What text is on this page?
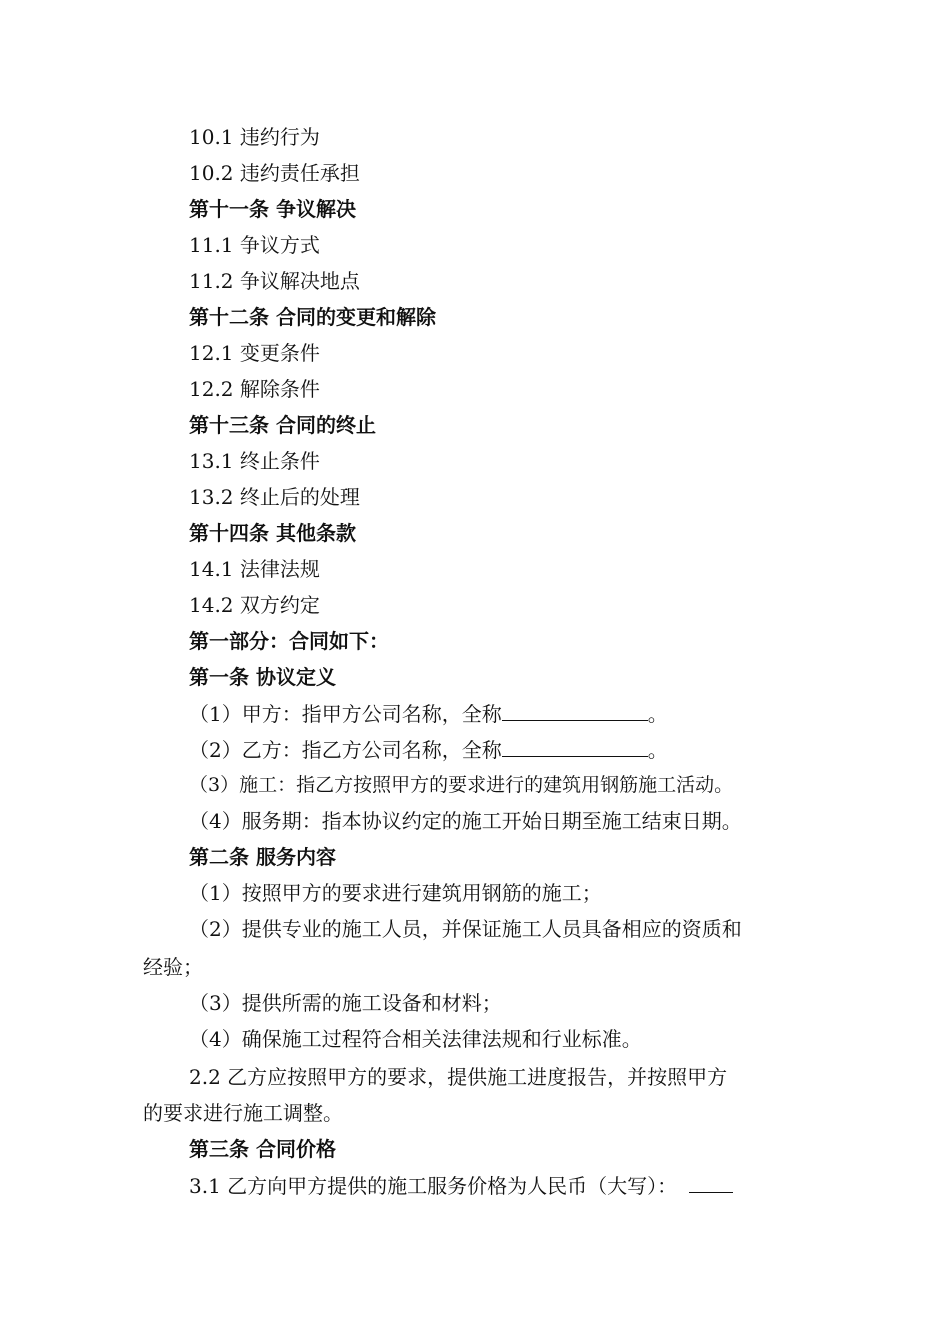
10.1 违约行为
10.2 违约责任承担
第十一条 争议解决
11.1 争议方式
11.2 争议解决地点
第十二条 合同的变更和解除
12.1 变更条件
12.2 解除条件
第十三条 合同的终止
13.1 终止条件
13.2 终止后的处理
第十四条 其他条款
14.1 法律法规
14.2 双方约定
第一部分：合同如下：
第一条 协议定义
（1）甲方：指甲方公司名称，全称	。
（2）乙方：指乙方公司名称，全称	。
（3）施工：指乙方按照甲方的要求进行的建筑用钢筋施工活动。
（4）服务期：指本协议约定的施工开始日期至施工结束日期。
第二条 服务内容
（1）按照甲方的要求进行建筑用钢筋的施工；
（2）提供专业的施工人员，并保证施工人员具备相应的资质和
经验；
（3）提供所需的施工设备和材料；
（4）确保施工过程符合相关法律法规和行业标准。
2.2 乙方应按照甲方的要求，提供施工进度报告，并按照甲方
的要求进行施工调整。
第三条 合同价格
3.1 乙方向甲方提供的施工服务价格为人民币（大写）：
